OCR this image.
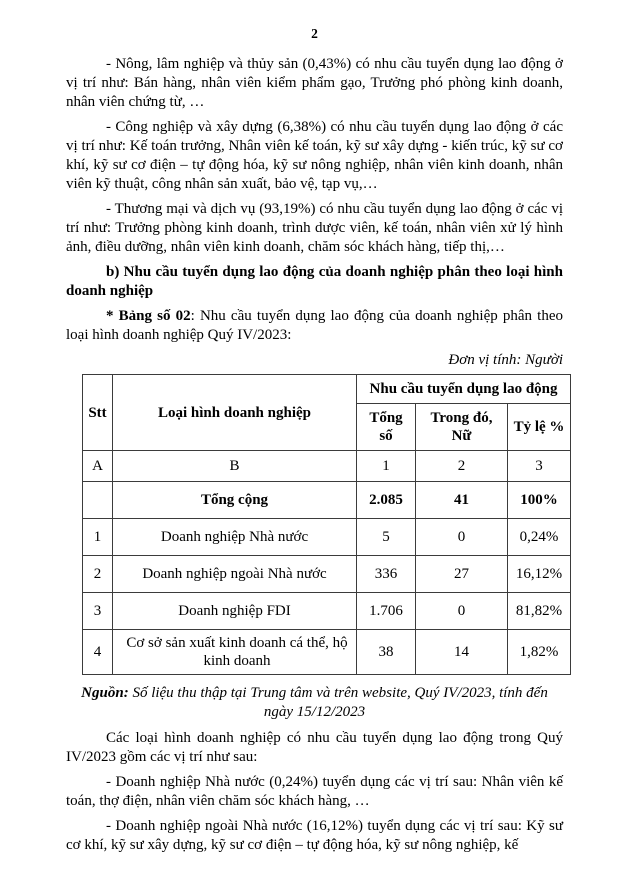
2

- Nông, lâm nghiệp và thủy sản (0,43%) có nhu cầu tuyển dụng lao động ở vị trí như: Bán hàng, nhân viên kiểm phẩm gạo, Trưởng phó phòng kinh doanh, nhân viên chứng từ, …

- Công nghiệp và xây dựng (6,38%) có nhu cầu tuyển dụng lao động ở các vị trí như: Kế toán trưởng, Nhân viên kế toán, kỹ sư xây dựng - kiến trúc, kỹ sư cơ khí, kỹ sư cơ điện – tự động hóa, kỹ sư nông nghiệp, nhân viên kinh doanh, nhân viên kỹ thuật, công nhân sản xuất, bảo vệ, tạp vụ,…

- Thương mại và dịch vụ (93,19%) có nhu cầu tuyển dụng lao động ở các vị trí như: Trưởng phòng kinh doanh, trình dược viên, kế toán, nhân viên xử lý hình ảnh, điều dưỡng, nhân viên kinh doanh, chăm sóc khách hàng, tiếp thị,…

b) Nhu cầu tuyển dụng lao động của doanh nghiệp phân theo loại hình doanh nghiệp

* Bảng số 02: Nhu cầu tuyển dụng lao động của doanh nghiệp phân theo loại hình doanh nghiệp Quý IV/2023:

Đơn vị tính: Người
Stt	Loại hình doanh nghiệp	Nhu cầu tuyển dụng lao động		
		Tổng số	Trong đó, Nữ	Tỷ lệ %
A	B	1	2	3
	Tổng cộng	2.085	41	100%
1	Doanh nghiệp Nhà nước	5	0	0,24%
2	Doanh nghiệp ngoài Nhà nước	336	27	16,12%
3	Doanh nghiệp FDI	1.706	0	81,82%
4	Cơ sở sản xuất kinh doanh cá thể, hộ kinh doanh	38	14	1,82%

Nguồn: Số liệu thu thập tại Trung tâm và trên website, Quý IV/2023, tính đến ngày 15/12/2023

Các loại hình doanh nghiệp có nhu cầu tuyển dụng lao động trong Quý IV/2023 gồm các vị trí như sau:

- Doanh nghiệp Nhà nước (0,24%) tuyển dụng các vị trí sau: Nhân viên kế toán, thợ điện, nhân viên chăm sóc khách hàng, …

- Doanh nghiệp ngoài Nhà nước (16,12%) tuyển dụng các vị trí sau: Kỹ sư cơ khí, kỹ sư xây dựng, kỹ sư cơ điện – tự động hóa, kỹ sư nông nghiệp, kế
